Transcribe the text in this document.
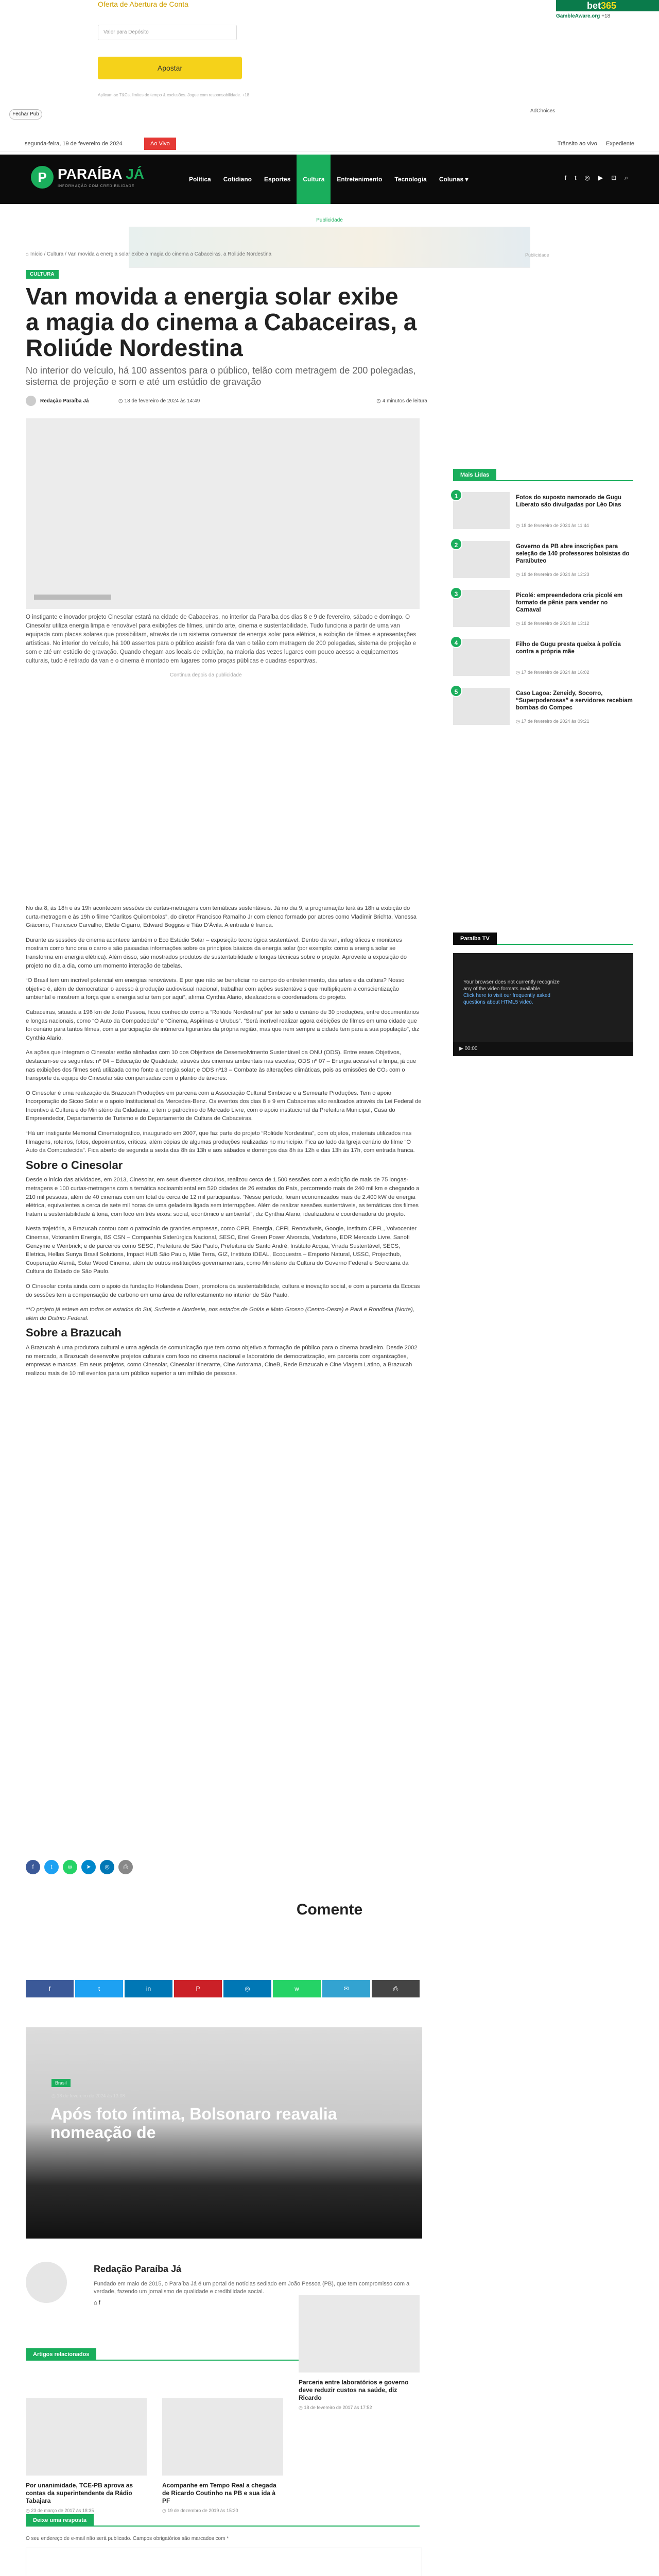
Oferta de Abertura de Conta
Valor para Depósito
Apostar
Aplicam-se T&Cs, limites de tempo & exclusões. Jogue com responsabilidade. +18
bet365
GambleAware.org +18
Fechar Pub
AdChoices
segunda-feira, 19 de fevereiro de 2024	Ao Vivo	Trânsito ao vivo Expediente
P PARAÍBA JÁ
INFORMAÇÃO COM CREDIBILIDADE
Política	Cotidiano	Esportes	Cultura	Entretenimento	Tecnologia	Colunas ▾	f t ◎ ▶ ⊡ ⌕
Publicidade
Publicidade
⌂ Início / Cultura / Van movida a energia solar exibe a magia do cinema a Cabaceiras, a Roliúde Nordestina
CULTURA
Van movida a energia solar exibe a magia do cinema a Cabaceiras, a Roliúde Nordestina
No interior do veículo, há 100 assentos para o público, telão com metragem de 200 polegadas, sistema de projeção e som e até um estúdio de gravação
Redação Paraíba Já	◷ 18 de fevereiro de 2024 às 14:49	◷ 4 minutos de leitura
O instigante e inovador projeto Cinesolar estará na cidade de Cabaceiras, no interior da Paraíba dos dias 8 e 9 de fevereiro, sábado e domingo. O Cinesolar utiliza energia limpa e renovável para exibições de filmes, unindo arte, cinema e sustentabilidade. Tudo funciona a partir de uma van equipada com placas solares que possibilitam, através de um sistema conversor de energia solar para elétrica, a exibição de filmes e apresentações artísticas. No interior do veículo, há 100 assentos para o público assistir fora da van o telão com metragem de 200 polegadas, sistema de projeção e som e até um estúdio de gravação. Quando chegam aos locais de exibição, na maioria das vezes lugares com pouco acesso a equipamentos culturais, tudo é retirado da van e o cinema é montado em lugares como praças públicas e quadras esportivas.
Continua depois da publicidade

No dia 8, às 18h e às 19h acontecem sessões de curtas-metragens com temáticas sustentáveis. Já no dia 9, a programação terá às 18h a exibição do curta-metragem e às 19h o filme “Carlitos Quilombolas”, do diretor Francisco Ramalho Jr com elenco formado por atores como Vladimir Brichta, Vanessa Giácomo, Francisco Carvalho, Elette Cigarro, Edward Boggiss e Tião D’Ávila. A entrada é franca.

Durante as sessões de cinema acontece também o Eco Estúdio Solar – exposição tecnológica sustentável. Dentro da van, infográficos e monitores mostram como funciona o carro e são passadas informações sobre os princípios básicos da energia solar (por exemplo: como a energia solar se transforma em energia elétrica). Além disso, são mostrados produtos de sustentabilidade e longas técnicas sobre o projeto. Aproveite a exposição do projeto no dia a dia, como um momento interação de tabelas.

“O Brasil tem um incrível potencial em energias renováveis. E por que não se beneficiar no campo do entretenimento, das artes e da cultura? Nosso objetivo é, além de democratizar o acesso à produção audiovisual nacional, trabalhar com ações sustentáveis que multipliquem a conscientização ambiental e mostrem a força que a energia solar tem por aqui”, afirma Cynthia Alario, idealizadora e coordenadora do projeto.

Cabaceiras, situada a 196 km de João Pessoa, ficou conhecido como a “Roliúde Nordestina” por ter sido o cenário de 30 produções, entre documentários e longas nacionais, como “O Auto da Compadecida” e “Cinema, Aspirinas e Urubus”. “Será incrível realizar agora exibições de filmes em uma cidade que foi cenário para tantos filmes, com a participação de inúmeros figurantes da própria região, mas que nem sempre a cidade tem para a sua população”, diz Cynthia Alario.

As ações que integram o Cinesolar estão alinhadas com 10 dos Objetivos de Desenvolvimento Sustentável da ONU (ODS). Entre esses Objetivos, destacam-se os seguintes: nº 04 – Educação de Qualidade, através dos cinemas ambientais nas escolas; ODS nº 07 – Energia acessível e limpa, já que nas exibições dos filmes será utilizada como fonte a energia solar; e ODS nº13 – Combate às alterações climáticas, pois as emissões de CO₂ com o transporte da equipe do Cinesolar são compensadas com o plantio de árvores.

O Cinesolar é uma realização da Brazucah Produções em parceria com a Associação Cultural Simbiose e a Semearte Produções. Tem o apoio Incorporação do Sicoo Solar e o apoio Institucional da Mercedes-Benz. Os eventos dos dias 8 e 9 em Cabaceiras são realizados através da Lei Federal de Incentivo à Cultura e do Ministério da Cidadania; e tem o patrocínio do Mercado Livre, com o apoio institucional da Prefeitura Municipal, Casa do Empreendedor, Departamento de Turismo e do Departamento de Cultura de Cabaceiras.

“Há um instigante Memorial Cinematográfico, inaugurado em 2007, que faz parte do projeto “Roliúde Nordestina”, com objetos, materiais utilizados nas filmagens, roteiros, fotos, depoimentos, críticas, além cópias de algumas produções realizadas no município. Fica ao lado da Igreja cenário do filme “O Auto da Compadecida”. Fica aberto de segunda a sexta das 8h às 13h e aos sábados e domingos das 8h às 12h e das 13h às 17h, com entrada franca.

Sobre o Cinesolar

Desde o início das atividades, em 2013, Cinesolar, em seus diversos circuitos, realizou cerca de 1.500 sessões com a exibição de mais de 75 longas-metragens e 100 curtas-metragens com a temática socioambiental em 520 cidades de 26 estados do País, percorrendo mais de 240 mil km e chegando a 210 mil pessoas, além de 40 cinemas com um total de cerca de 12 mil participantes. “Nesse período, foram economizados mais de 2.400 kW de energia elétrica, equivalentes a cerca de sete mil horas de uma geladeira ligada sem interrupções. Além de realizar sessões sustentáveis, as temáticas dos filmes tratam a sustentabilidade à tona, com foco em três eixos: social, econômico e ambiental”, diz Cynthia Alario, idealizadora e coordenadora do projeto.

Nesta trajetória, a Brazucah contou com o patrocínio de grandes empresas, como CPFL Energia, CPFL Renováveis, Google, Instituto CPFL, Volvocenter Cinemas, Votorantim Energia, BS CSN – Companhia Siderúrgica Nacional, SESC, Enel Green Power Alvorada, Vodafone, EDR Mercado Livre, Sanofi Genzyme e Weirbrick; e de parceiros como SESC, Prefeitura de São Paulo, Prefeitura de Santo André, Instituto Acqua, Virada Sustentável, SECS, Eletrica, Hellas Sunya Brasil Solutions, Impact HUB São Paulo, Mãe Terra, GIZ, Instituto IDEAL, Ecoquestra – Emporio Natural, USSC, Projecthub, Cooperação Alemã, Solar Wood Cinema, além de outros instituições governamentais, como Ministério da Cultura do Governo Federal e Secretaria da Cultura do Estado de São Paulo.

O Cinesolar conta ainda com o apoio da fundação Holandesa Doen, promotora da sustentabilidade, cultura e inovação social, e com a parceria da Ecocas do sessões tem a compensação de carbono em uma área de reflorestamento no interior de São Paulo.

**O projeto já esteve em todos os estados do Sul, Sudeste e Nordeste, nos estados de Goiás e Mato Grosso (Centro-Oeste) e Pará e Rondônia (Norte), além do Distrito Federal.

Sobre a Brazucah

A Brazucah é uma produtora cultural e uma agência de comunicação que tem como objetivo a formação de público para o cinema brasileiro. Desde 2002 no mercado, a Brazucah desenvolve projetos culturais com foco no cinema nacional e laboratório de democratização, em parceria com organizações, empresas e marcas. Em seus projetos, como Cinesolar, Cinesolar Itinerante, Cine Autorama, CineB, Rede Brazucah e Cine Viagem Latino, a Brazucah realizou mais de 10 mil eventos para um público superior a um milhão de pessoas.

f	t	w	➤	◎	⎙
Mais Lidas
1	Fotos do suposto namorado de Gugu Liberato são divulgadas por Léo Dias
◷ 18 de fevereiro de 2024 às 11:44
2	Governo da PB abre inscrições para seleção de 140 professores bolsistas do Paraíbuteo
◷ 18 de fevereiro de 2024 às 12:23
3	Picolé: empreendedora cria picolé em formato de pênis para vender no Carnaval
◷ 18 de fevereiro de 2024 às 13:12
4	Filho de Gugu presta queixa à polícia contra a própria mãe
◷ 17 de fevereiro de 2024 às 16:02
5	Caso Lagoa: Zeneidy, Socorro, “Superpoderosas” e servidores recebiam bombas do Compec
◷ 17 de fevereiro de 2024 às 09:21
Paraíba TV
Your browser does not currently recognize any of the video formats available.
Click here to visit our frequently asked questions about HTML5 video.
▶ 00:00
Comente
f	t	in	P	◎	w	✉	⎙
Brasil
◷ 18 de fevereiro de 2024 às 13:08
Após foto íntima, Bolsonaro reavalia nomeação de
Redação Paraíba Já
Fundado em maio de 2015, o Paraíba Já é um portal de notícias sediado em João Pessoa (PB), que tem compromisso com a verdade, fazendo um jornalismo de qualidade e credibilidade social.
⌂ f
Artigos relacionados
Por unanimidade, TCE-PB aprova as contas da superintendente da Rádio Tabajara
◷ 23 de março de 2017 às 18:35
Acompanhe em Tempo Real a chegada de Ricardo Coutinho na PB e sua ida à PF
◷ 19 de dezembro de 2019 às 15:20
Parceria entre laboratórios e governo deve reduzir custos na saúde, diz Ricardo
◷ 18 de fevereiro de 2017 às 17:52
Deixe uma resposta
O seu endereço de e-mail não será publicado. Campos obrigatórios são marcados com *
